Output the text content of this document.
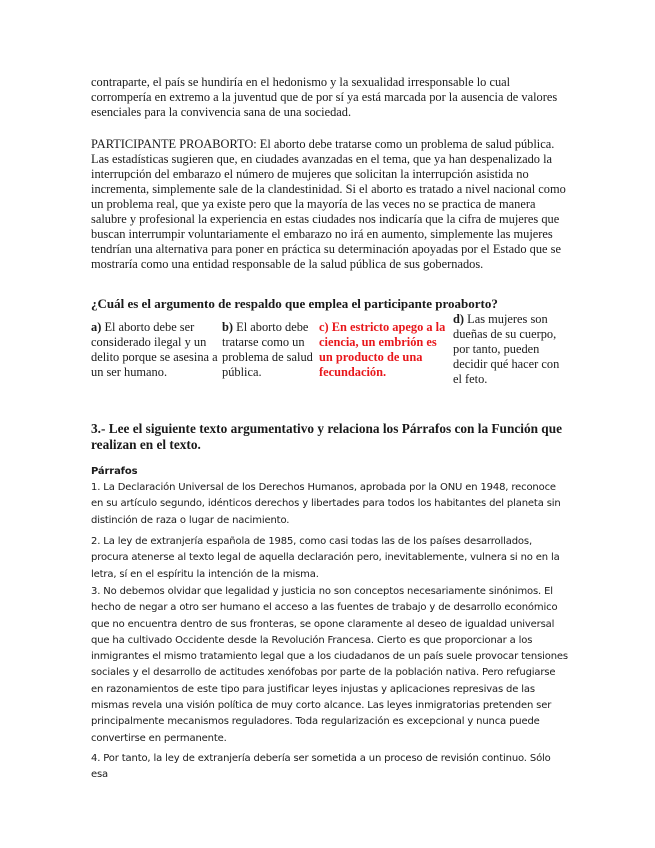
contraparte, el país se hundiría en el hedonismo y la sexualidad irresponsable lo cual corrompería en extremo a la juventud que de por sí ya está marcada por la ausencia de valores esenciales para la convivencia sana de una sociedad.

PARTICIPANTE PROABORTO: El aborto debe tratarse como un problema de salud pública. Las estadísticas sugieren que, en ciudades avanzadas en el tema, que ya han despenalizado la interrupción del embarazo el número de mujeres que solicitan la interrupción asistida no incrementa, simplemente sale de la clandestinidad. Si el aborto es tratado a nivel nacional como un problema real, que ya existe pero que la mayoría de las veces no se practica de manera salubre y profesional la experiencia en estas ciudades nos indicaría que la cifra de mujeres que buscan interrumpir voluntariamente el embarazo no irá en aumento, simplemente las mujeres tendrían una alternativa para poner en práctica su determinación apoyadas por el Estado que se mostraría como una entidad responsable de la salud pública de sus gobernados.

¿Cuál es el argumento de respaldo que emplea el participante proaborto?

a) El aborto debe ser considerado ilegal y un delito porque se asesina a un ser humano.
b) El aborto debe tratarse como un problema de salud pública.
c) En estricto apego a la ciencia, un embrión es un producto de una fecundación.
d) Las mujeres son dueñas de su cuerpo, por tanto, pueden decidir qué hacer con el feto.

3.- Lee el siguiente texto argumentativo y relaciona los Párrafos con la Función que realizan en el texto.

Párrafos

1. La Declaración Universal de los Derechos Humanos, aprobada por la ONU en 1948, reconoce en su artículo segundo, idénticos derechos y libertades para todos los habitantes del planeta sin distinción de raza o lugar de nacimiento.

2. La ley de extranjería española de 1985, como casi todas las de los países desarrollados, procura atenerse al texto legal de aquella declaración pero, inevitablemente, vulnera si no en la letra, sí en el espíritu la intención de la misma.

3. No debemos olvidar que legalidad y justicia no son conceptos necesariamente sinónimos. El hecho de negar a otro ser humano el acceso a las fuentes de trabajo y de desarrollo económico que no encuentra dentro de sus fronteras, se opone claramente al deseo de igualdad universal que ha cultivado Occidente desde la Revolución Francesa. Cierto es que proporcionar a los inmigrantes el mismo tratamiento legal que a los ciudadanos de un país suele provocar tensiones sociales y el desarrollo de actitudes xenófobas por parte de la población nativa. Pero refugiarse en razonamientos de este tipo para justificar leyes injustas y aplicaciones represivas de las mismas revela una visión política de muy corto alcance. Las leyes inmigratorias pretenden ser principalmente mecanismos reguladores. Toda regularización es excepcional y nunca puede convertirse en permanente.

4. Por tanto, la ley de extranjería debería ser sometida a un proceso de revisión continuo. Sólo esa
